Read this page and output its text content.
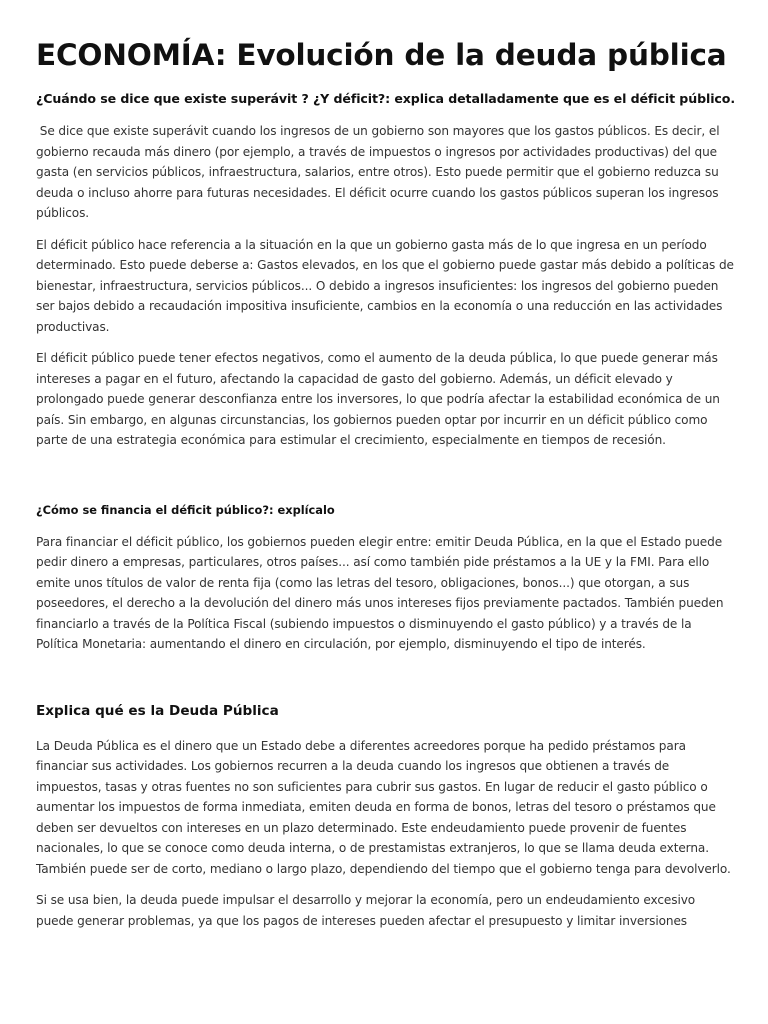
ECONOMÍA: Evolución de la deuda pública
¿Cuándo se dice que existe superávit ? ¿Y déficit?: explica detalladamente que es el déficit público.

Se dice que existe superávit cuando los ingresos de un gobierno son mayores que los gastos públicos. Es decir, el gobierno recauda más dinero (por ejemplo, a través de impuestos o ingresos por actividades productivas) del que gasta (en servicios públicos, infraestructura, salarios, entre otros). Esto puede permitir que el gobierno reduzca su deuda o incluso ahorre para futuras necesidades. El déficit ocurre cuando los gastos públicos superan los ingresos públicos.

El déficit público hace referencia a la situación en la que un gobierno gasta más de lo que ingresa en un período determinado. Esto puede deberse a: Gastos elevados, en los que el gobierno puede gastar más debido a políticas de bienestar, infraestructura, servicios públicos... O debido a ingresos insuficientes: los ingresos del gobierno pueden ser bajos debido a recaudación impositiva insuficiente, cambios en la economía o una reducción en las actividades productivas.

El déficit público puede tener efectos negativos, como el aumento de la deuda pública, lo que puede generar más intereses a pagar en el futuro, afectando la capacidad de gasto del gobierno. Además, un déficit elevado y prolongado puede generar desconfianza entre los inversores, lo que podría afectar la estabilidad económica de un país. Sin embargo, en algunas circunstancias, los gobiernos pueden optar por incurrir en un déficit público como parte de una estrategia económica para estimular el crecimiento, especialmente en tiempos de recesión.

¿Cómo se financia el déficit público?: explícalo

Para financiar el déficit público, los gobiernos pueden elegir entre: emitir Deuda Pública, en la que el Estado puede pedir dinero a empresas, particulares, otros países... así como también pide préstamos a la UE y la FMI. Para ello emite unos títulos de valor de renta fija (como las letras del tesoro, obligaciones, bonos...) que otorgan, a sus poseedores, el derecho a la devolución del dinero más unos intereses fijos previamente pactados. También pueden financiarlo a través de la Política Fiscal (subiendo impuestos o disminuyendo el gasto público) y a través de la Política Monetaria: aumentando el dinero en circulación, por ejemplo, disminuyendo el tipo de interés.

Explica qué es la Deuda Pública

La Deuda Pública es el dinero que un Estado debe a diferentes acreedores porque ha pedido préstamos para financiar sus actividades. Los gobiernos recurren a la deuda cuando los ingresos que obtienen a través de impuestos, tasas y otras fuentes no son suficientes para cubrir sus gastos. En lugar de reducir el gasto público o aumentar los impuestos de forma inmediata, emiten deuda en forma de bonos, letras del tesoro o préstamos que deben ser devueltos con intereses en un plazo determinado. Este endeudamiento puede provenir de fuentes nacionales, lo que se conoce como deuda interna, o de prestamistas extranjeros, lo que se llama deuda externa. También puede ser de corto, mediano o largo plazo, dependiendo del tiempo que el gobierno tenga para devolverlo.

Si se usa bien, la deuda puede impulsar el desarrollo y mejorar la economía, pero un endeudamiento excesivo puede generar problemas, ya que los pagos de intereses pueden afectar el presupuesto y limitar inversiones
